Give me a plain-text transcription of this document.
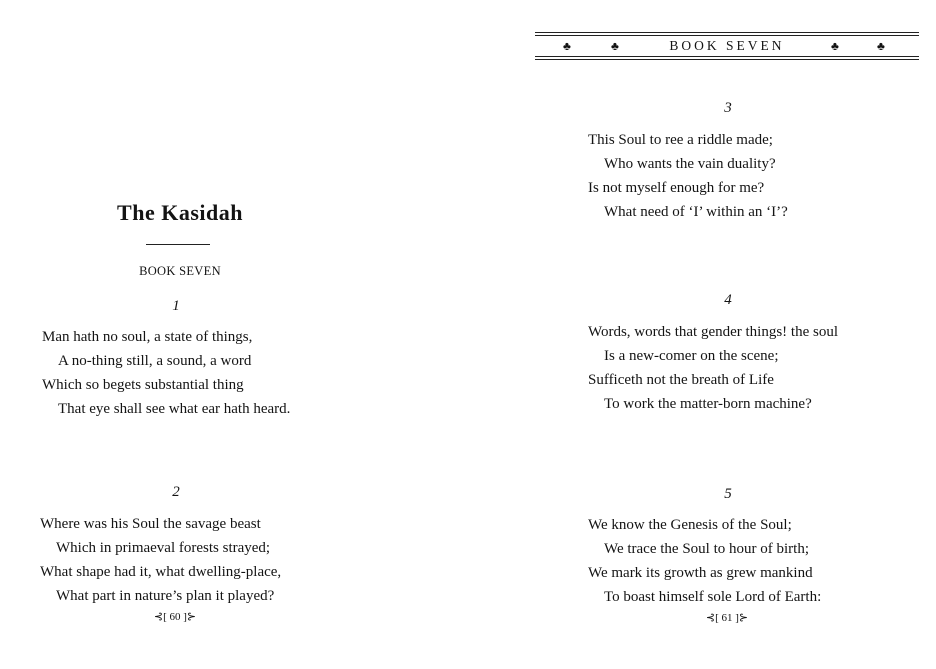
The Kasidah
BOOK SEVEN
1
Man hath no soul, a state of things,
A no-thing still, a sound, a word
Which so begets substantial thing
That eye shall see what ear hath heard.
2
Where was his Soul the savage beast
Which in primaeval forests strayed;
What shape had it, what dwelling-place,
What part in nature’s plan it played?
⊰[ 60 ]⊱
BOOK SEVEN
♣	♣	♣	♣
3
This Soul to ree a riddle made;
Who wants the vain duality?
Is not myself enough for me?
What need of ‘I’ within an ‘I’?
4
Words, words that gender things! the soul
Is a new-comer on the scene;
Sufficeth not the breath of Life
To work the matter-born machine?
5
We know the Genesis of the Soul;
We trace the Soul to hour of birth;
We mark its growth as grew mankind
To boast himself sole Lord of Earth:
⊰[ 61 ]⊱
